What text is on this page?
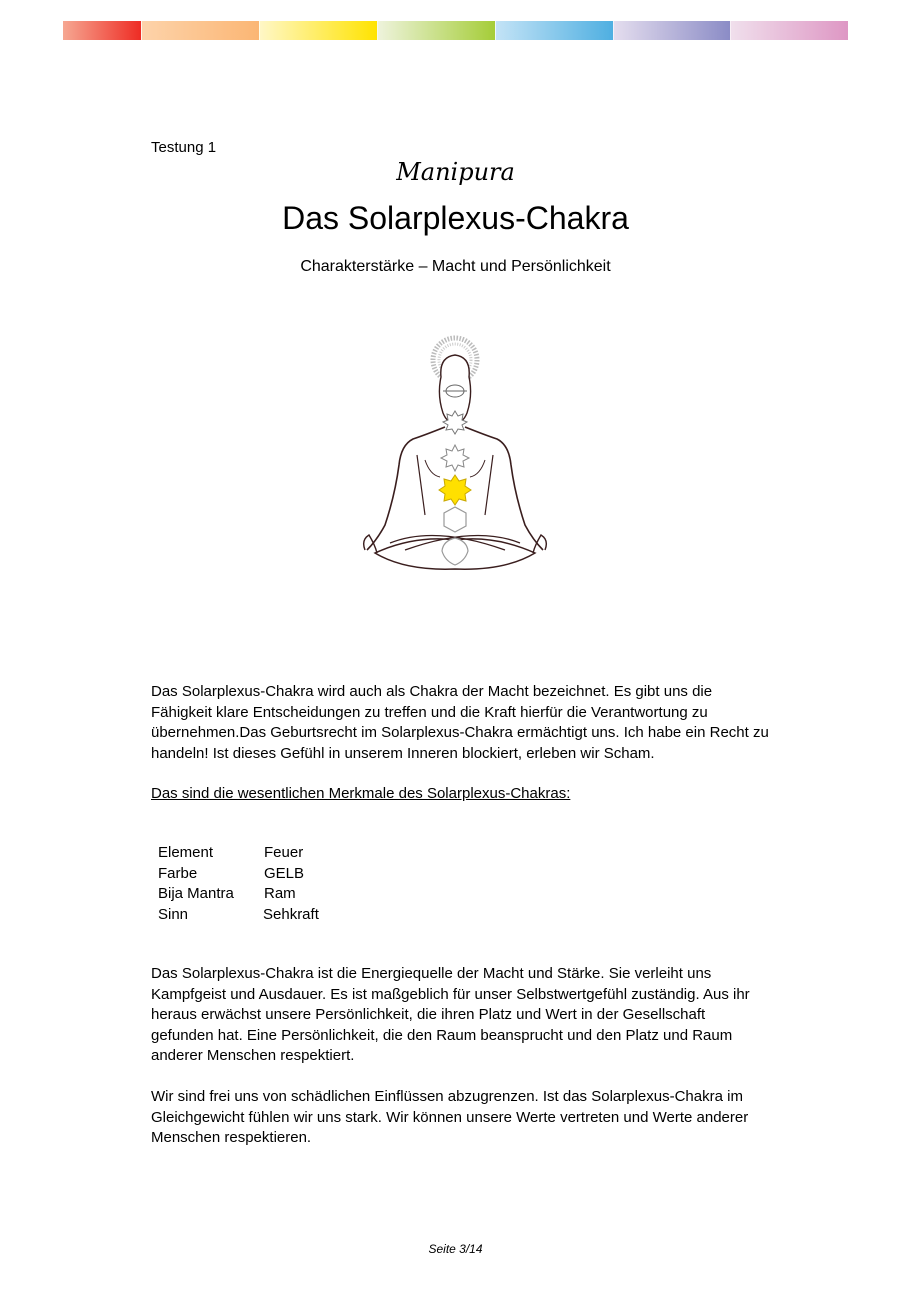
Testung 1
Manipura
Das Solarplexus-Chakra
Charakterstärke – Macht und Persönlichkeit
Das Solarplexus-Chakra wird auch als Chakra der Macht bezeichnet. Es gibt uns die Fähigkeit klare Entscheidungen zu treffen und die Kraft hierfür die Verantwortung zu übernehmen.Das Geburtsrecht im Solarplexus-Chakra ermächtigt uns. Ich habe ein Recht zu handeln! Ist dieses Gefühl in unserem Inneren blockiert, erleben wir Scham.
Das sind die wesentlichen Merkmale des Solarplexus-Chakras:
Element	Feuer
Farbe	GELB
Bija Mantra	Ram
Sinn	Sehkraft
Das Solarplexus-Chakra ist die Energiequelle der Macht und Stärke. Sie verleiht uns Kampfgeist und Ausdauer. Es ist maßgeblich für unser Selbstwertgefühl zuständig. Aus ihr heraus erwächst unsere Persönlichkeit, die ihren Platz und Wert in der Gesellschaft gefunden hat. Eine Persönlichkeit, die den Raum beansprucht und den Platz und Raum anderer Menschen respektiert.
Wir sind frei uns von schädlichen Einflüssen abzugrenzen. Ist das Solarplexus-Chakra im Gleichgewicht fühlen wir uns stark. Wir können unsere Werte vertreten und Werte anderer Menschen respektieren.
Seite 3/14
